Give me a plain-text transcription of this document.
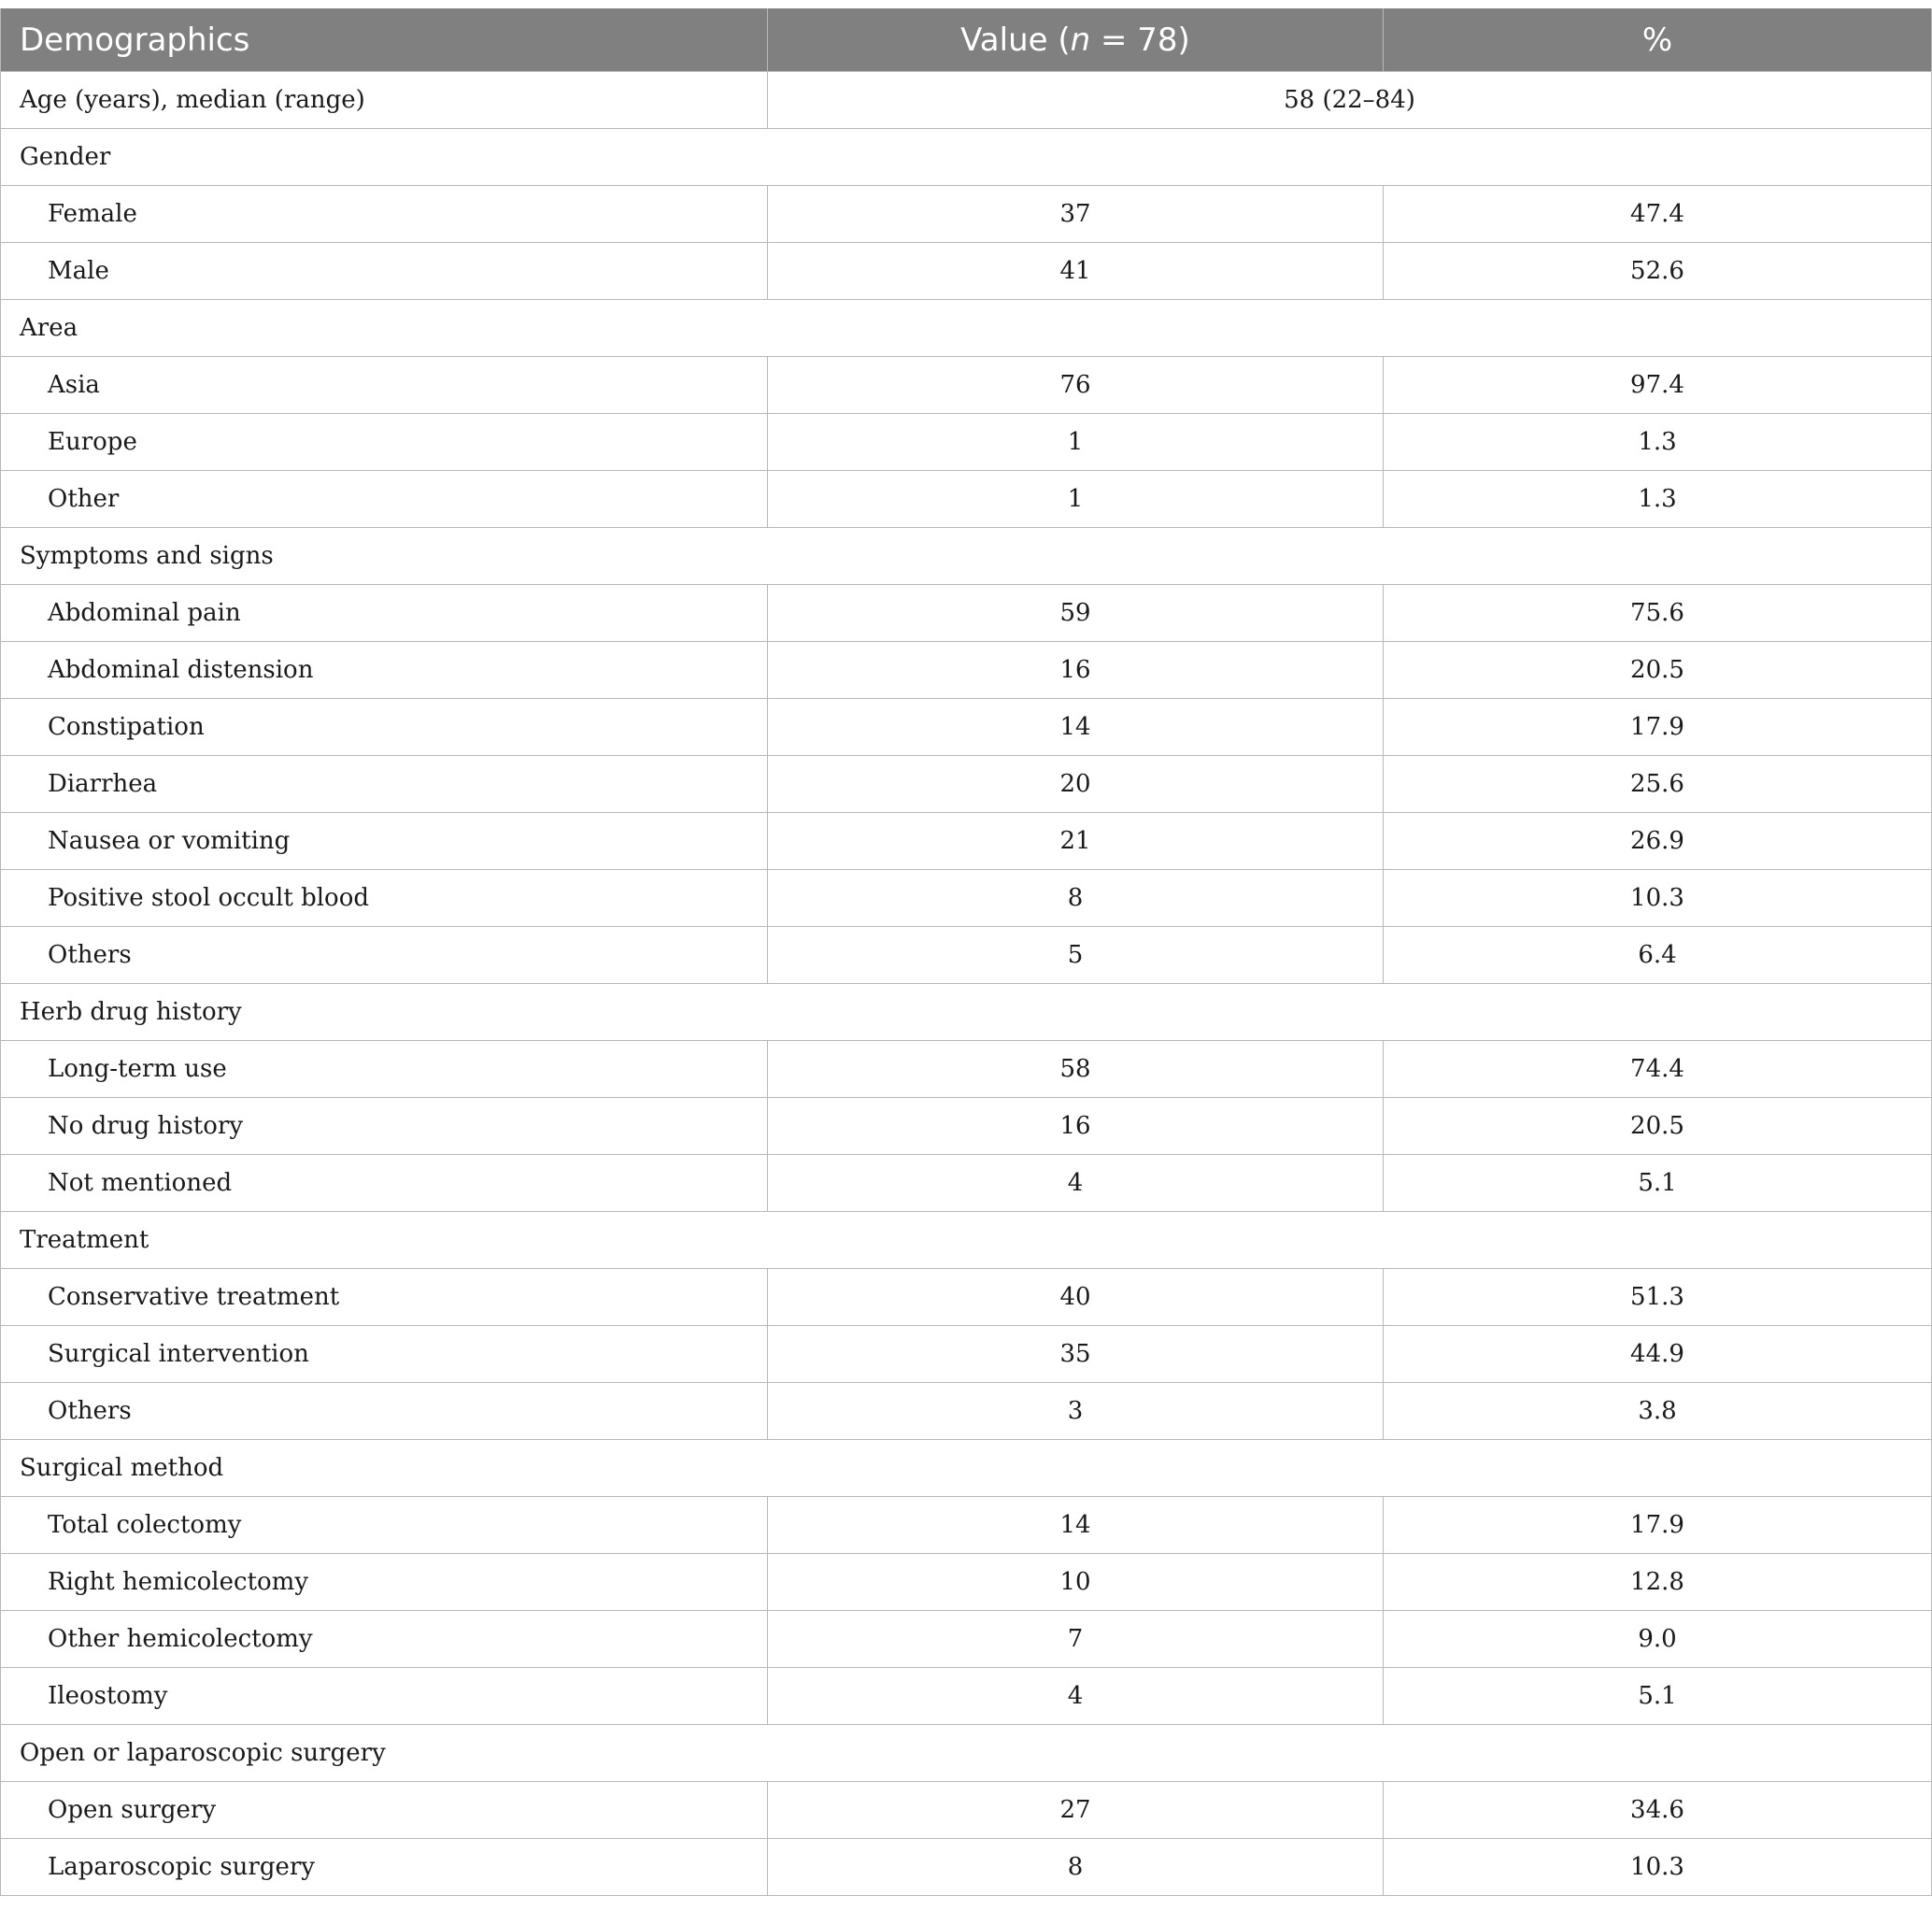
Demographics	Value (n = 78)	%
Age (years), median (range)	58 (22–84)	
Gender		
Female	37	47.4
Male	41	52.6
Area		
Asia	76	97.4
Europe	1	1.3
Other	1	1.3
Symptoms and signs		
Abdominal pain	59	75.6
Abdominal distension	16	20.5
Constipation	14	17.9
Diarrhea	20	25.6
Nausea or vomiting	21	26.9
Positive stool occult blood	8	10.3
Others	5	6.4
Herb drug history		
Long-term use	58	74.4
No drug history	16	20.5
Not mentioned	4	5.1
Treatment		
Conservative treatment	40	51.3
Surgical intervention	35	44.9
Others	3	3.8
Surgical method		
Total colectomy	14	17.9
Right hemicolectomy	10	12.8
Other hemicolectomy	7	9.0
Ileostomy	4	5.1
Open or laparoscopic surgery		
Open surgery	27	34.6
Laparoscopic surgery	8	10.3
